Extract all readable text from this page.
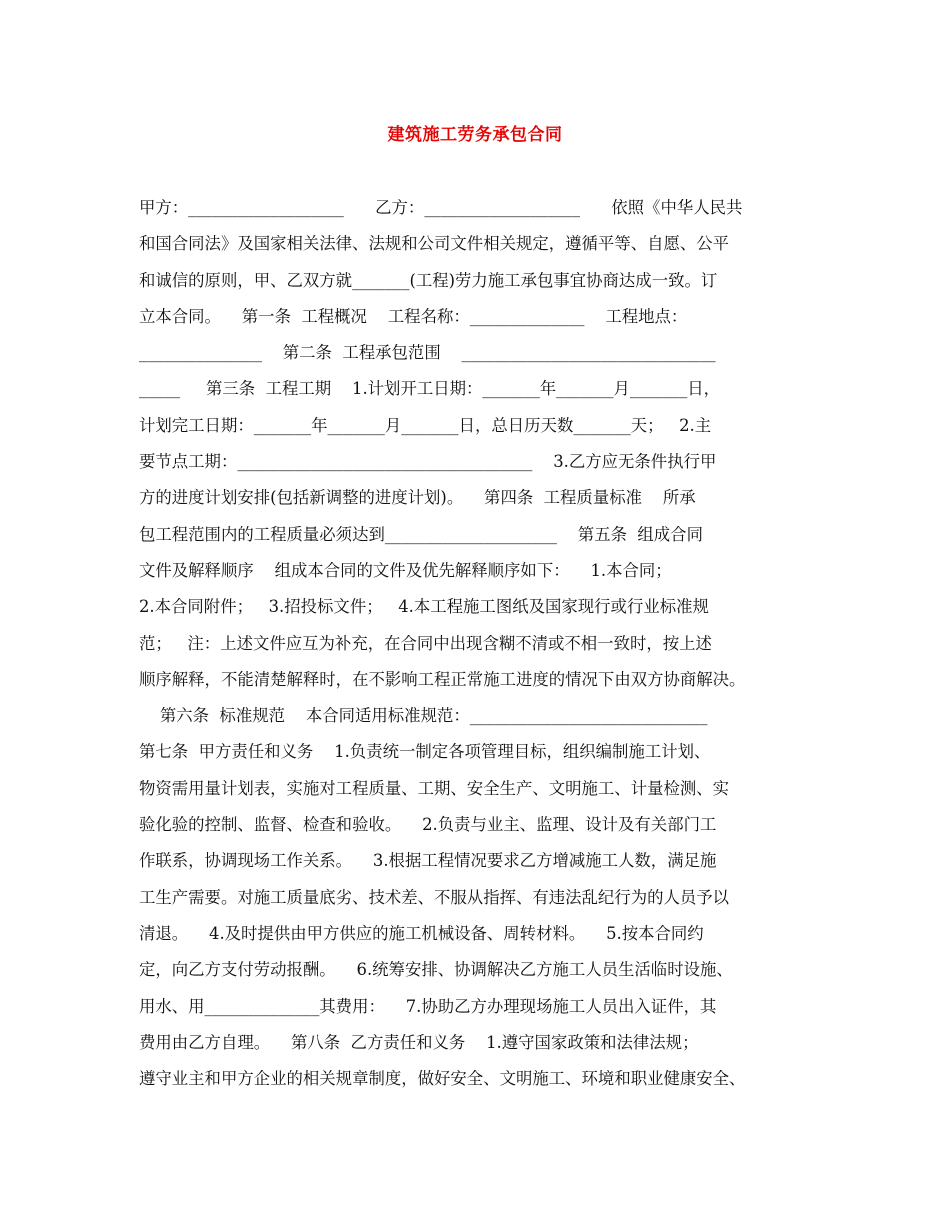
建筑施工劳务承包合同
甲方：___________________      乙方：___________________      依照《中华人民共
和国合同法》及国家相关法律、法规和公司文件相关规定，遵循平等、自愿、公平
和诚信的原则，甲、乙双方就_______(工程)劳力施工承包事宜协商达成一致。订
立本合同。    第一条  工程概况    工程名称：______________    工程地点：
_______________    第二条  工程承包范围    _______________________________
_____     第三条  工程工期    1.计划开工日期：_______年_______月_______日，
计划完工日期：_______年_______月_______日，总日历天数_______天；   2.主
要节点工期：____________________________________    3.乙方应无条件执行甲
方的进度计划安排(包括新调整的进度计划)。    第四条  工程质量标准    所承
包工程范围内的工程质量必须达到_____________________    第五条  组成合同
文件及解释顺序    组成本合同的文件及优先解释顺序如下：    1.本合同；
2.本合同附件；   3.招投标文件；   4.本工程施工图纸及国家现行或行业标准规
范；   注：上述文件应互为补充，在合同中出现含糊不清或不相一致时，按上述
顺序解释，不能清楚解释时，在不影响工程正常施工进度的情况下由双方协商解决。
第六条  标准规范    本合同适用标准规范：_____________________________
第七条  甲方责任和义务    1.负责统一制定各项管理目标，组织编制施工计划、
物资需用量计划表，实施对工程质量、工期、安全生产、文明施工、计量检测、实
验化验的控制、监督、检查和验收。    2.负责与业主、监理、设计及有关部门工
作联系，协调现场工作关系。    3.根据工程情况要求乙方增减施工人数，满足施
工生产需要。对施工质量底劣、技术差、不服从指挥、有违法乱纪行为的人员予以
清退。    4.及时提供由甲方供应的施工机械设备、周转材料。    5.按本合同约
定，向乙方支付劳动报酬。    6.统筹安排、协调解决乙方施工人员生活临时设施、
用水、用______________其费用：    7.协助乙方办理现场施工人员出入证件，其
费用由乙方自理。    第八条  乙方责任和义务    1.遵守国家政策和法律法规；
遵守业主和甲方企业的相关规章制度，做好安全、文明施工、环境和职业健康安全、
